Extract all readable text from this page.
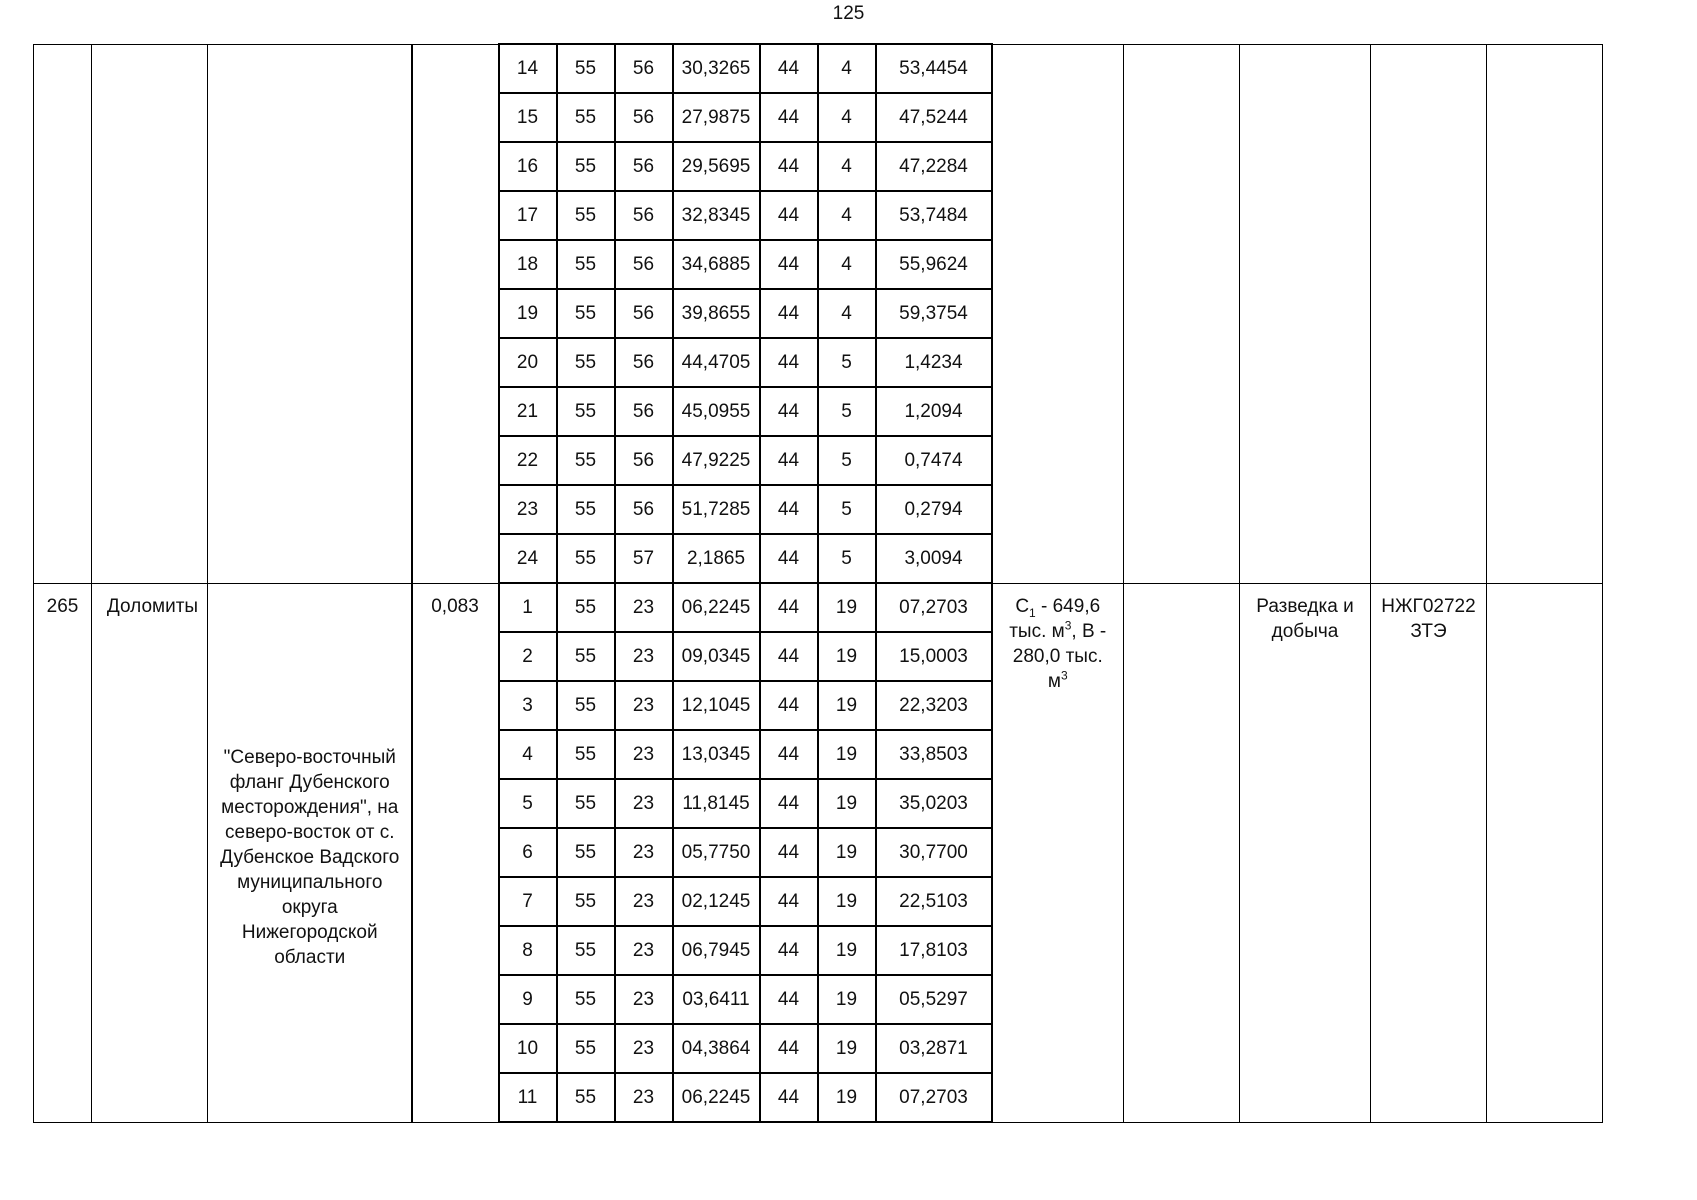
125
				14	55	56	30,3265	44	4	53,4454					
				15	55	56	27,9875	44	4	47,5244					
				16	55	56	29,5695	44	4	47,2284					
				17	55	56	32,8345	44	4	53,7484					
				18	55	56	34,6885	44	4	55,9624					
				19	55	56	39,8655	44	4	59,3754					
				20	55	56	44,4705	44	5	1,4234					
				21	55	56	45,0955	44	5	1,2094					
				22	55	56	47,9225	44	5	0,7474					
				23	55	56	51,7285	44	5	0,2794					
				24	55	57	2,1865	44	5	3,0094					
265	Доломиты	"Северо-восточный фланг Дубенского месторождения", на северо-восток от с. Дубенское Вадского муниципального округа Нижегородской области	0,083	1	55	23	06,2245	44	19	07,2703	$С_1 - 649,6$ тыс. $м^3$, В - 280,0 тыс. $м^3$		Разведка и добыча	НЖГ02722 ЗТЭ	
				2	55	23	09,0345	44	19	15,0003					
				3	55	23	12,1045	44	19	22,3203					
				4	55	23	13,0345	44	19	33,8503					
				5	55	23	11,8145	44	19	35,0203					
				6	55	23	05,7750	44	19	30,7700					
				7	55	23	02,1245	44	19	22,5103					
				8	55	23	06,7945	44	19	17,8103					
				9	55	23	03,6411	44	19	05,5297					
				10	55	23	04,3864	44	19	03,2871					
				11	55	23	06,2245	44	19	07,2703					
